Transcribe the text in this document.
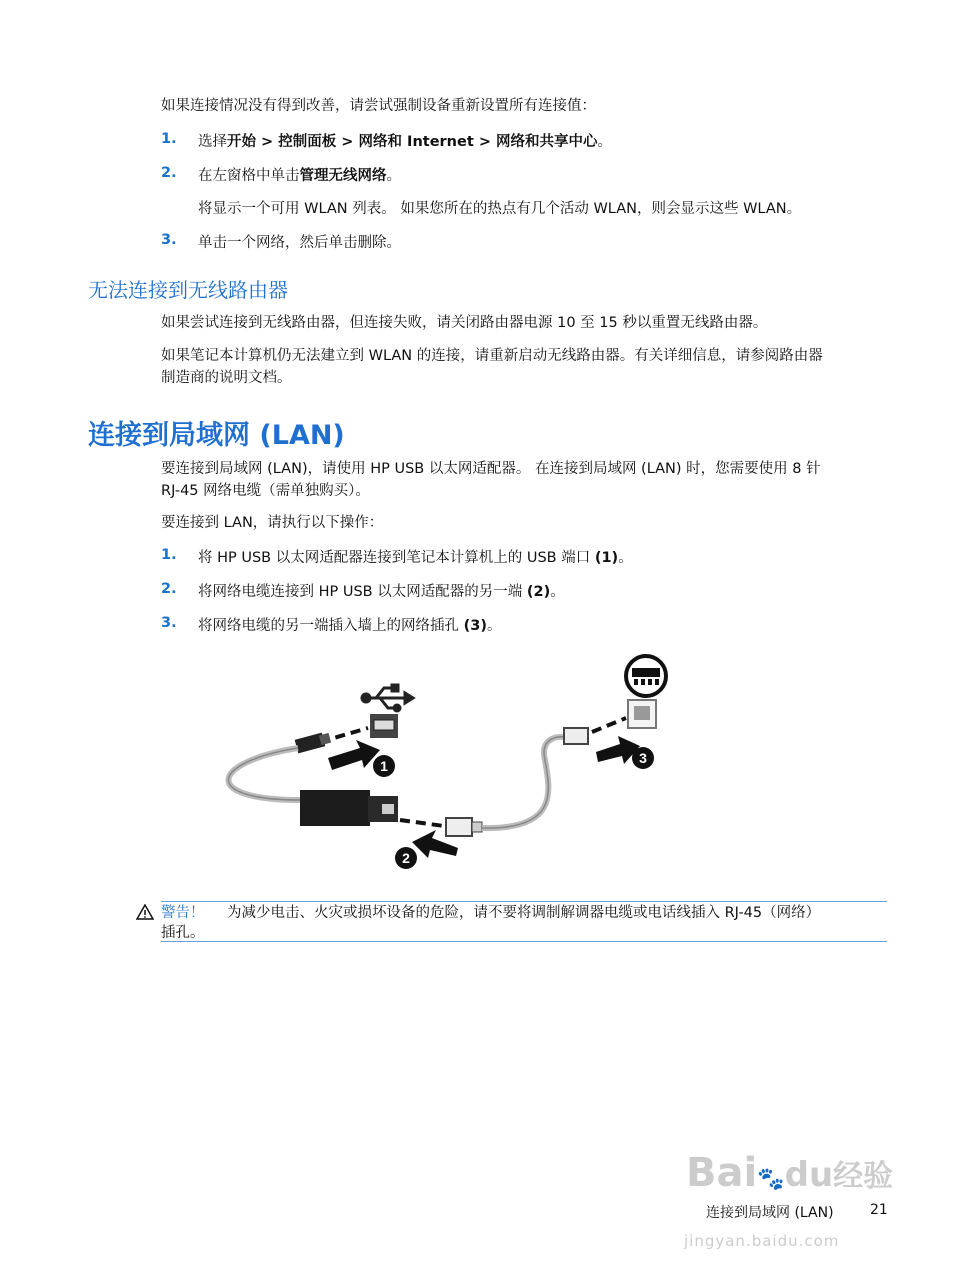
如果连接情况没有得到改善，请尝试强制设备重新设置所有连接值：
1. 选择开始 > 控制面板 > 网络和 Internet > 网络和共享中心。
2. 在左窗格中单击管理无线网络。
3. 单击一个网络，然后单击删除。
将显示一个可用 WLAN 列表。 如果您所在的热点有几个活动 WLAN，则会显示这些 WLAN。
无法连接到无线路由器
如果尝试连接到无线路由器，但连接失败，请关闭路由器电源 10 至 15 秒以重置无线路由器。
如果笔记本计算机仍无法建立到 WLAN 的连接，请重新启动无线路由器。有关详细信息，请参阅路由器
制造商的说明文档。
连接到局域网 (LAN)
要连接到局域网 (LAN)，请使用 HP USB 以太网适配器。 在连接到局域网 (LAN) 时，您需要使用 8 针
RJ-45 网络电缆（需单独购买）。
要连接到 LAN，请执行以下操作：
1. 将 HP USB 以太网适配器连接到笔记本计算机上的 USB 端口 (1)。
2. 将网络电缆连接到 HP USB 以太网适配器的另一端 (2)。
3. 将网络电缆的另一端插入墙上的网络插孔 (3)。
1
2
3
警告！ 为减少电击、火灾或损坏设备的危险，请不要将调制解调器电缆或电话线插入 RJ-45（网络）
插孔。
Bai🐾du经验
jingyan.baidu.com
连接到局域网 (LAN)	21
